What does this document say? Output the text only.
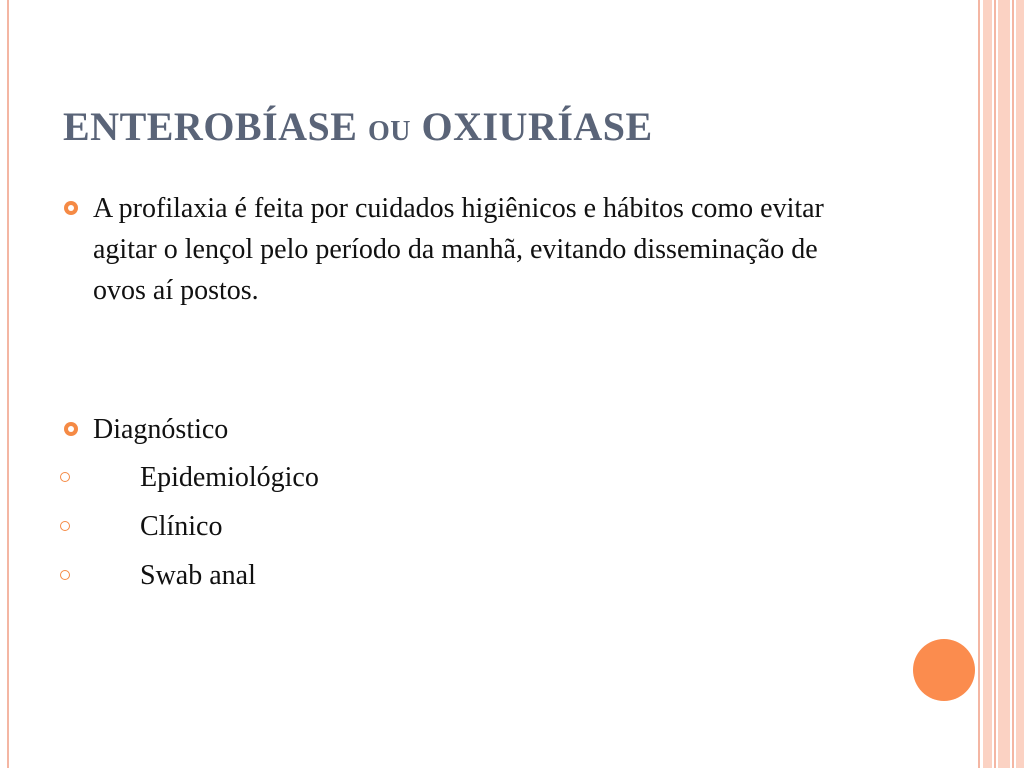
ENTEROBÍASE OU OXIURÍASE
A profilaxia é feita por cuidados higiênicos e hábitos como evitar agitar o lençol pelo período da manhã, evitando disseminação de ovos aí postos.
Diagnóstico
Epidemiológico
Clínico
Swab anal
